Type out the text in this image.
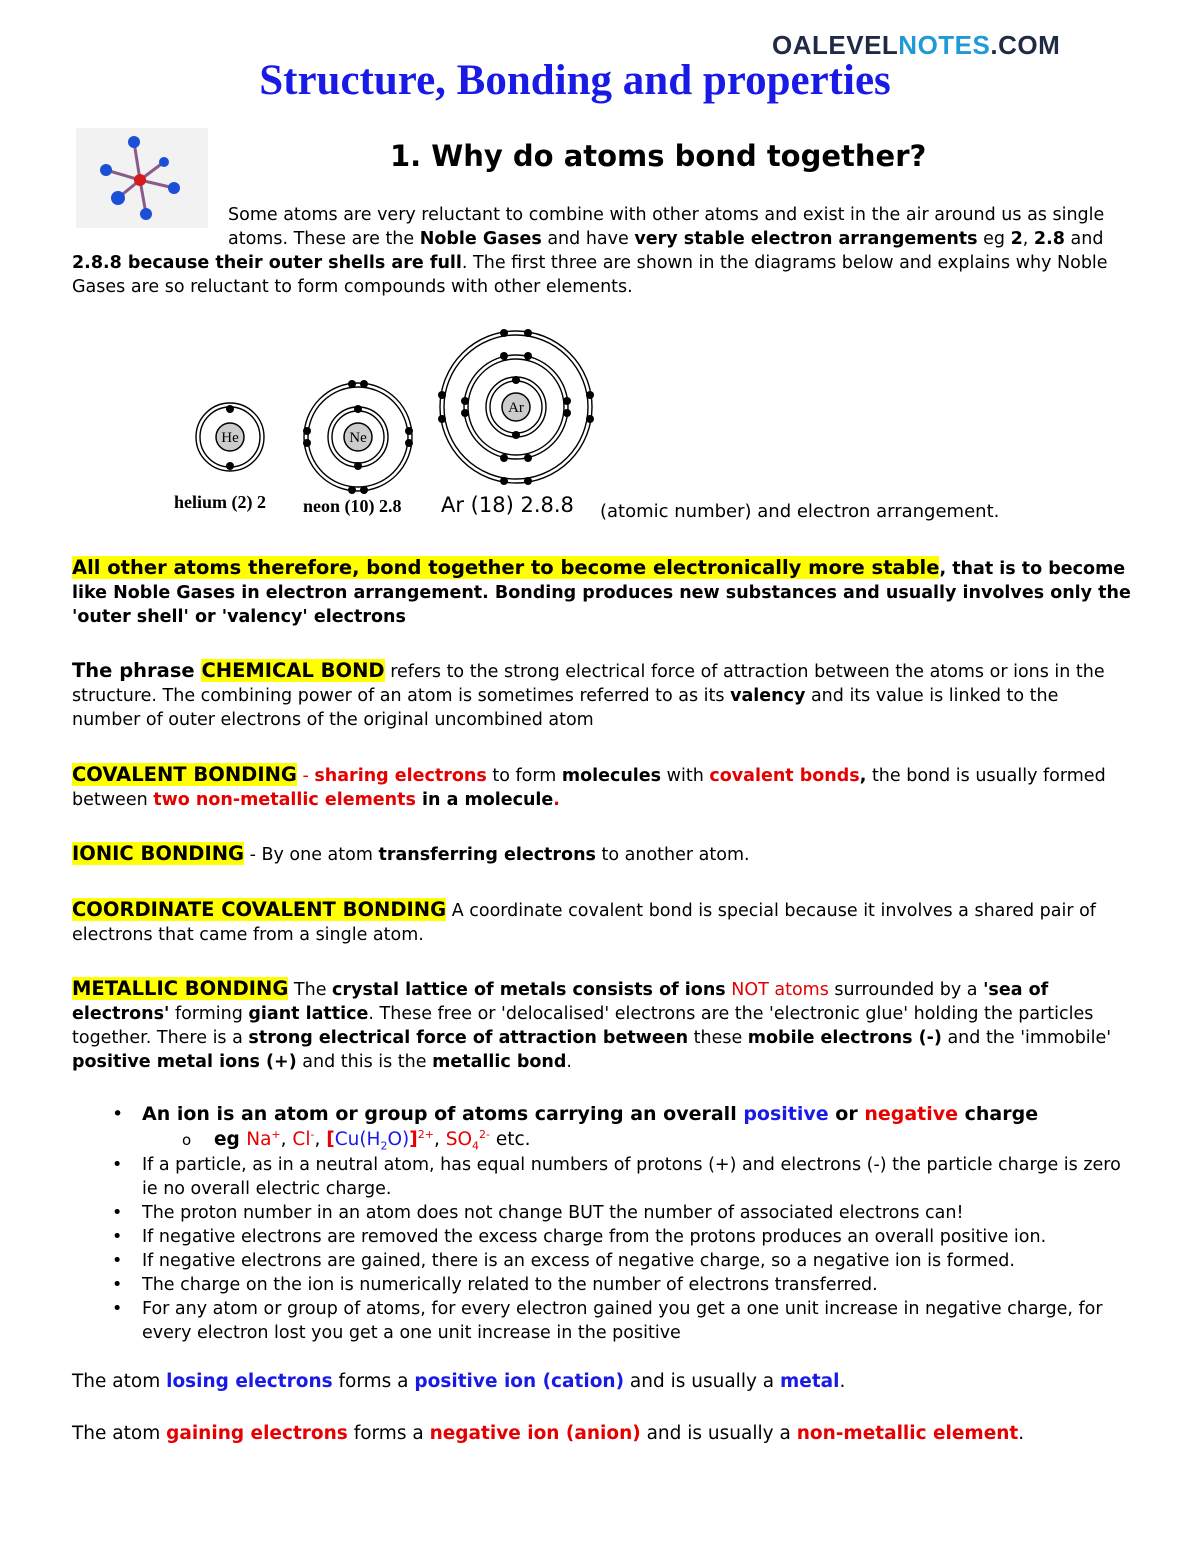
OALEVELNOTES.COM
Structure, Bonding and properties
1. Why do atoms bond together?
Some atoms are very reluctant to combine with other atoms and exist in the air around us as single atoms. These are the Noble Gases and have very stable electron arrangements eg 2, 2.8 and
2.8.8 because their outer shells are full. The first three are shown in the diagrams below and explains why Noble Gases are so reluctant to form compounds with other elements.
He	Ne
Ar
helium (2) 2 neon (10) 2.8 Ar (18) 2.8.8 (atomic number) and electron arrangement.
All other atoms therefore, bond together to become electronically more stable, that is to become like Noble Gases in electron arrangement. Bonding produces new substances and usually involves only the 'outer shell' or 'valency' electrons
The phrase CHEMICAL BOND refers to the strong electrical force of attraction between the atoms or ions in the structure. The combining power of an atom is sometimes referred to as its valency and its value is linked to the number of outer electrons of the original uncombined atom
COVALENT BONDING - sharing electrons to form molecules with covalent bonds, the bond is usually formed between two non-metallic elements in a molecule.
IONIC BONDING - By one atom transferring electrons to another atom.
COORDINATE COVALENT BONDING A coordinate covalent bond is special because it involves a shared pair of electrons that came from a single atom.
METALLIC BONDING The crystal lattice of metals consists of ions NOT atoms surrounded by a 'sea of electrons' forming giant lattice. These free or 'delocalised' electrons are the 'electronic glue' holding the particles together. There is a strong electrical force of attraction between these mobile electrons (-) and the 'immobile' positive metal ions (+) and this is the metallic bond.
• An ion is an atom or group of atoms carrying an overall positive or negative charge
o eg Na+, Cl-, $[Cu(H_2O)]^{2+}$, $SO_4^{2-}$ etc.
• If a particle, as in a neutral atom, has equal numbers of protons (+) and electrons (-) the particle charge is zero ie no overall electric charge.
• The proton number in an atom does not change BUT the number of associated electrons can!
• If negative electrons are removed the excess charge from the protons produces an overall positive ion.
• If negative electrons are gained, there is an excess of negative charge, so a negative ion is formed.
• The charge on the ion is numerically related to the number of electrons transferred.
• For any atom or group of atoms, for every electron gained you get a one unit increase in negative charge, for every electron lost you get a one unit increase in the positive
The atom losing electrons forms a positive ion (cation) and is usually a metal.
The atom gaining electrons forms a negative ion (anion) and is usually a non-metallic element.
